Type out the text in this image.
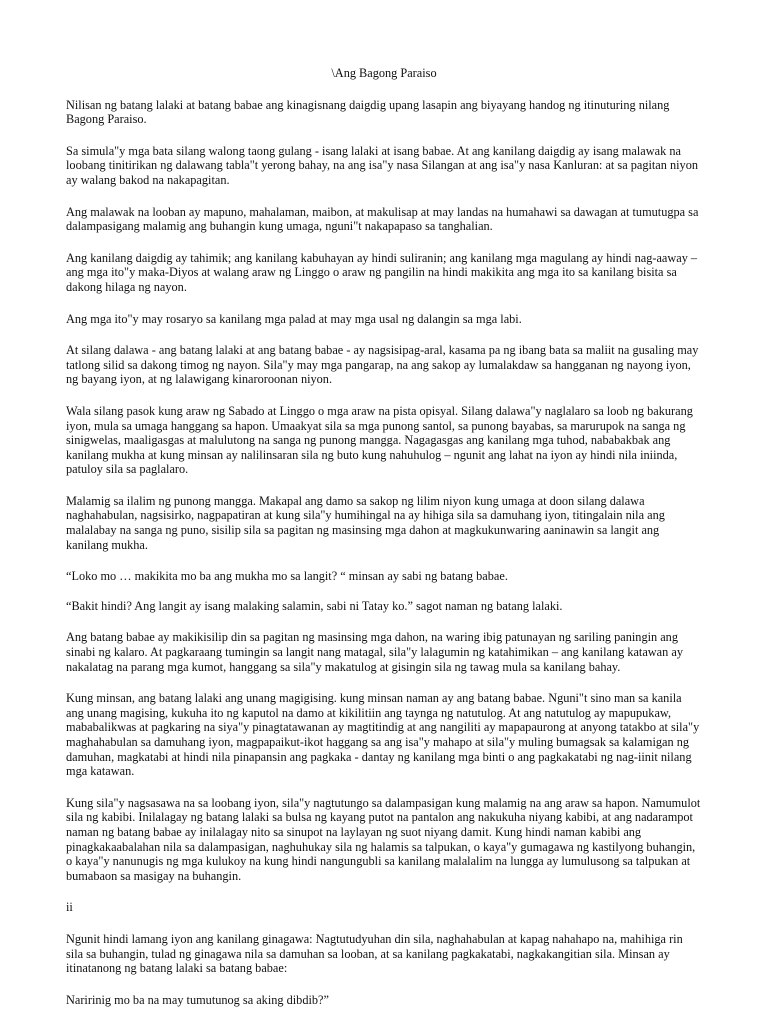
\Ang Bagong Paraiso

Nilisan ng batang lalaki at batang babae ang kinagisnang daigdig upang lasapin ang biyayang handog ng itinuturing nilang Bagong Paraiso.

Sa simula"y mga bata silang walong taong gulang - isang lalaki at isang babae. At ang kanilang daigdig ay isang malawak na loobang tinitirikan ng dalawang tabla"t yerong bahay, na ang isa"y nasa Silangan at ang isa"y nasa Kanluran: at sa pagitan niyon ay walang bakod na nakapagitan.

Ang malawak na looban ay mapuno, mahalaman, maibon, at makulisap at may landas na humahawi sa dawagan at tumutugpa sa dalampasigang malamig ang buhangin kung umaga, nguni"t nakapapaso sa tanghalian.

Ang kanilang daigdig ay tahimik; ang kanilang kabuhayan ay hindi suliranin; ang kanilang mga magulang ay hindi nag-aaway – ang mga ito"y maka-Diyos at walang araw ng Linggo o araw ng pangilin na hindi makikita ang mga ito sa kanilang bisita sa dakong hilaga ng nayon.

Ang mga ito"y may rosaryo sa kanilang mga palad at may mga usal ng dalangin sa mga labi.

At silang dalawa - ang batang lalaki at ang batang babae - ay nagsisipag-aral, kasama pa ng ibang bata sa maliit na gusaling may tatlong silid sa dakong timog ng nayon. Sila"y may mga pangarap, na ang sakop ay lumalakdaw sa hangganan ng nayong iyon, ng bayang iyon, at ng lalawigang kinaroroonan niyon.

Wala silang pasok kung araw ng Sabado at Linggo o mga araw na pista opisyal. Silang dalawa"y naglalaro sa loob ng bakurang iyon, mula sa umaga hanggang sa hapon. Umaakyat sila sa mga punong santol, sa punong bayabas, sa marurupok na sanga ng sinigwelas, maaligasgas at malulutong na sanga ng punong mangga. Nagagasgas ang kanilang mga tuhod, nababakbak ang kanilang mukha at kung minsan ay nalilinsaran sila ng buto kung nahuhulog – ngunit ang lahat na iyon ay hindi nila iniinda, patuloy sila sa paglalaro.

Malamig sa ilalim ng punong mangga. Makapal ang damo sa sakop ng lilim niyon kung umaga at doon silang dalawa naghahabulan, nagsisirko, nagpapatiran at kung sila"y humihingal na ay hihiga sila sa damuhang iyon, titingalain nila ang malalabay na sanga ng puno, sisilip sila sa pagitan ng masinsing mga dahon at magkukunwaring aaninawin sa langit ang kanilang mukha.

“Loko mo … makikita mo ba ang mukha mo sa langit? “ minsan ay sabi ng batang babae.

“Bakit hindi? Ang langit ay isang malaking salamin, sabi ni Tatay ko.” sagot naman ng batang lalaki.

Ang batang babae ay makikisilip din sa pagitan ng masinsing mga dahon, na waring ibig patunayan ng sariling paningin ang sinabi ng kalaro. At pagkaraang tumingin sa langit nang matagal, sila"y lalagumin ng katahimikan – ang kanilang katawan ay nakalatag na parang mga kumot, hanggang sa sila"y makatulog at gisingin sila ng tawag mula sa kanilang bahay.

Kung minsan, ang batang lalaki ang unang magigising. kung minsan naman ay ang batang babae. Nguni"t sino man sa kanila ang unang magising, kukuha ito ng kaputol na damo at kikilitiin ang taynga ng natutulog. At ang natutulog ay mapupukaw, mababalikwas at pagkaring na siya"y pinagtatawanan ay magtitindig at ang nangiliti ay mapapaurong at anyong tatakbo at sila"y maghahabulan sa damuhang iyon, magpapaikut-ikot haggang sa ang isa"y mahapo at sila"y muling bumagsak sa kalamigan ng damuhan, magkatabi at hindi nila pinapansin ang pagkaka - dantay ng kanilang mga binti o ang pagkakatabi ng nag-iinit nilang mga katawan.

Kung sila"y nagsasawa na sa loobang iyon, sila"y nagtutungo sa dalampasigan kung malamig na ang araw sa hapon. Namumulot sila ng kabibi. Inilalagay ng batang lalaki sa bulsa ng kayang putot na pantalon ang nakukuha niyang kabibi, at ang nadarampot naman ng batang babae ay inilalagay nito sa sinupot na laylayan ng suot niyang damit. Kung hindi naman kabibi ang pinagkakaabalahan nila sa dalampasigan, naghuhukay sila ng halamis sa talpukan, o kaya"y gumagawa ng kastilyong buhangin, o kaya"y nanunugis ng mga kulukoy na kung hindi nangungubli sa kanilang malalalim na lungga ay lumulusong sa talpukan at bumabaon sa masigay na buhangin.

ii

Ngunit hindi lamang iyon ang kanilang ginagawa: Nagtutudyuhan din sila, naghahabulan at kapag nahahapo na, mahihiga rin sila sa buhangin, tulad ng ginagawa nila sa damuhan sa looban, at sa kanilang pagkakatabi, nagkakangitian sila. Minsan ay itinatanong ng batang lalaki sa batang babae:

Naririnig mo ba na may tumutunog sa aking dibdib?”
